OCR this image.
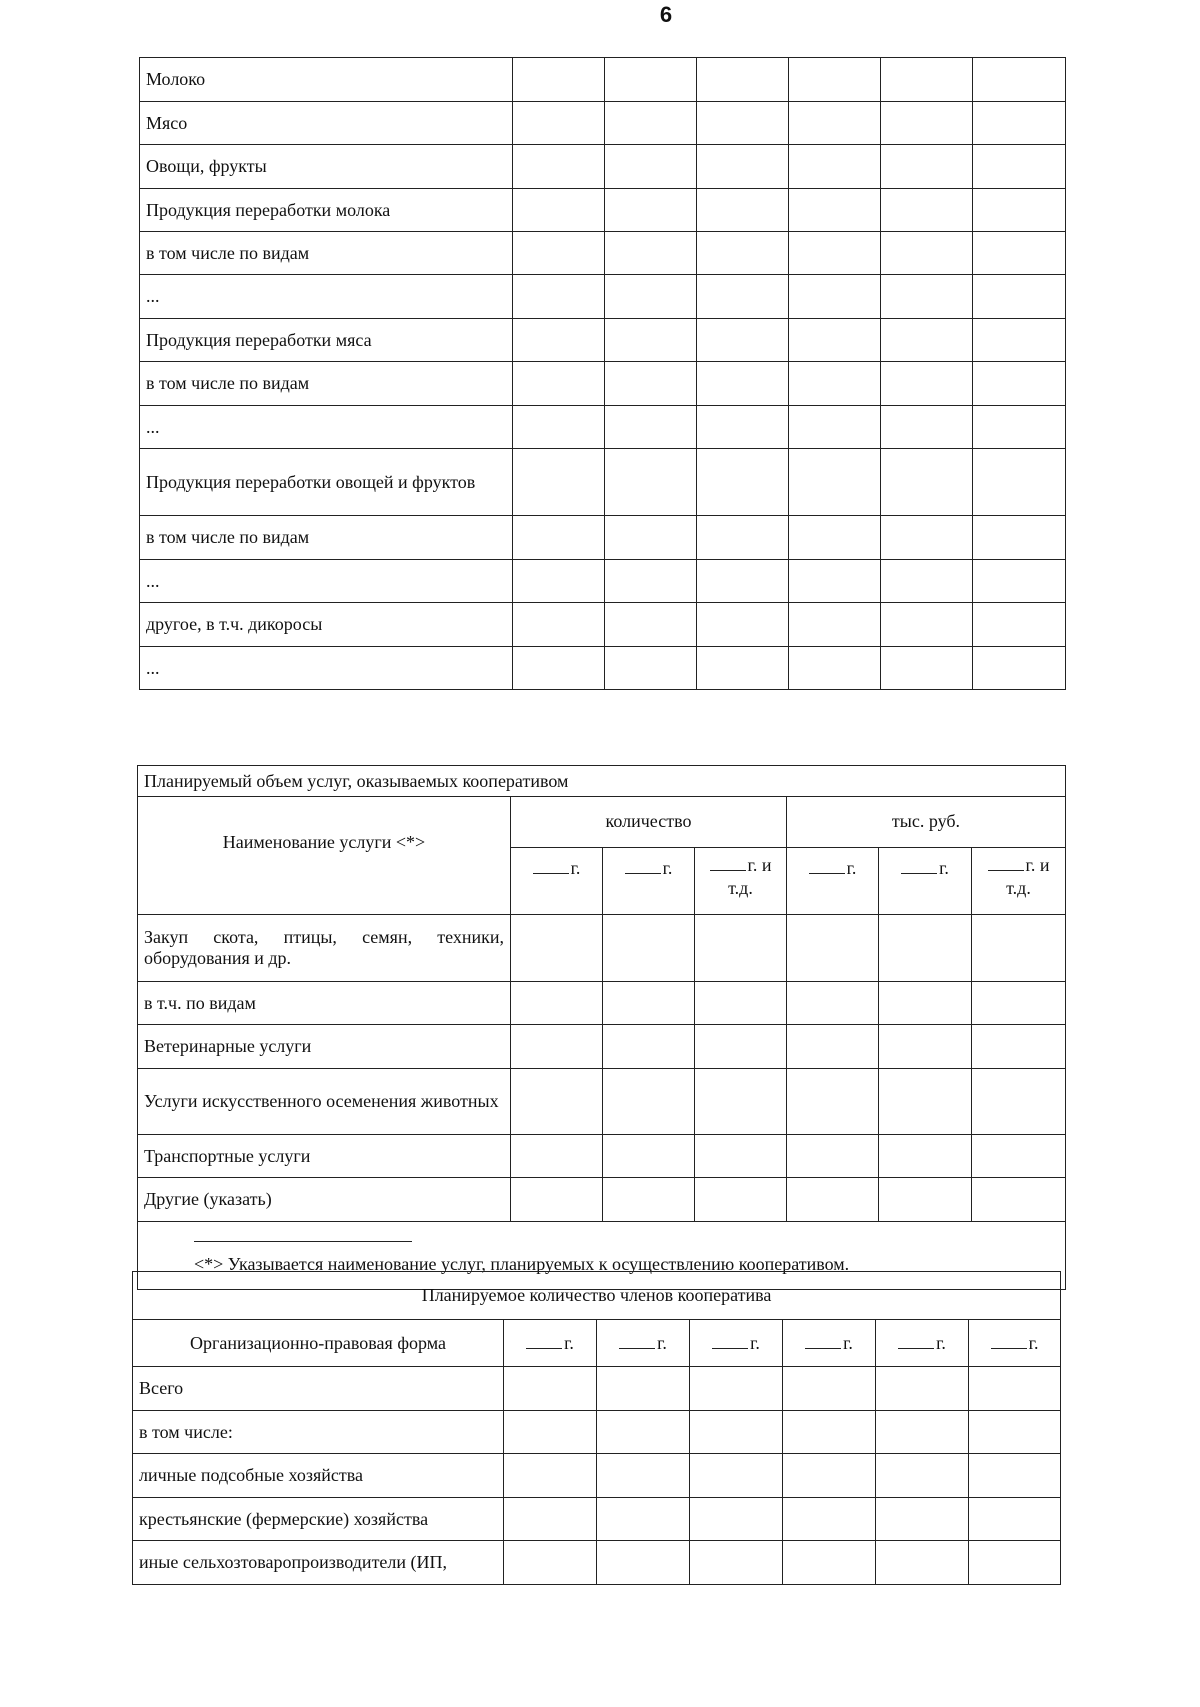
6
Молоко						
Мясо						
Овощи, фрукты						
Продукция переработки молока						
в том числе по видам						
...						
Продукция переработки мяса						
в том числе по видам						
...						
Продукция переработки овощей и фруктов						
в том числе по видам						
...						
другое, в т.ч. дикоросы						
...						
Планируемый объем услуг, оказываемых кооперативом						
Наименование услуги <*>	количество			тыс. руб.		
	г.	г.	г. и т.д.	г.	г.	г. и т.д.
Закуп скота, птицы, семян, техники, оборудования и др.						
в т.ч. по видам						
Ветеринарные услуги						
Услуги искусственного осеменения животных						
Транспортные услуги						
Другие (указать)						

<*> Указывается наименование услуг, планируемых к осуществлению кооперативом.						
Планируемое количество членов кооператива						
Организационно-правовая форма	г.	г.	г.	г.	г.	г.
Всего						
в том числе:						
личные подсобные хозяйства						
крестьянские (фермерские) хозяйства						
иные сельхозтоваропроизводители (ИП,						
